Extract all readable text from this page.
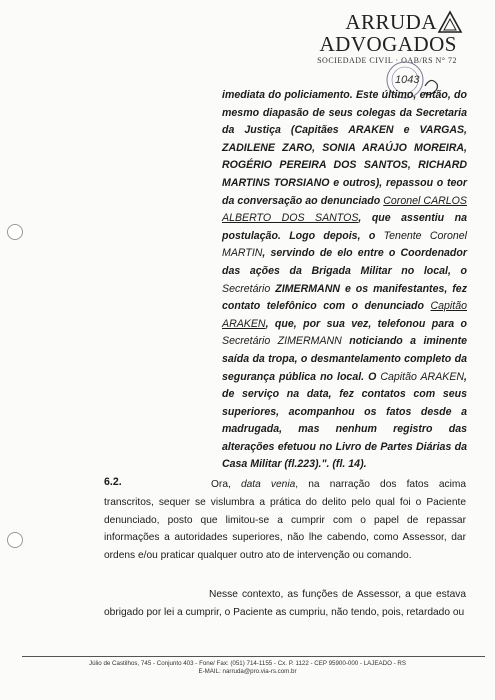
ARRUDA
ADVOGADOS
SOCIEDADE CIVIL · OAB/RS N° 72
1043
imediata do policiamento. Este último, então, do mesmo diapasão de seus colegas da Secretaria da Justiça (Capitães ARAKEN e VARGAS, ZADILENE ZARO, SONIA ARAÚJO MOREIRA, ROGÉRIO PEREIRA DOS SANTOS, RICHARD MARTINS TORSIANO e outros), repassou o teor da conversação ao denunciado Coronel CARLOS ALBERTO DOS SANTOS, que assentiu na postulação. Logo depois, o Tenente Coronel MARTIN, servindo de elo entre o Coordenador das ações da Brigada Militar no local, o Secretário ZIMERMANN e os manifestantes, fez contato telefônico com o denunciado Capitão ARAKEN, que, por sua vez, telefonou para o Secretário ZIMERMANN noticiando a iminente saída da tropa, o desmantelamento completo da segurança pública no local. O Capitão ARAKEN, de serviço na data, fez contatos com seus superiores, acompanhou os fatos desde a madrugada, mas nenhum registro das alterações efetuou no Livro de Partes Diárias da Casa Militar (fl.223).". (fl. 14).
6.2.	Ora, data venia, na narração dos fatos acima transcritos, sequer se vislumbra a prática do delito pelo qual foi o Paciente denunciado, posto que limitou-se a cumprir com o papel de repassar informações a autoridades superiores, não lhe cabendo, como Assessor, dar ordens e/ou praticar qualquer outro ato de intervenção ou comando.
Nesse contexto, as funções de Assessor, a que estava obrigado por lei a cumprir, o Paciente as cumpriu, não tendo, pois, retardado ou
Júlio de Castilhos, 745 - Conjunto 403 - Fone/ Fax: (051) 714-1155 - Cx. P. 1122 - CEP 95900-000 - LAJEADO - RS
E-MAIL: narruda@pro.via-rs.com.br
